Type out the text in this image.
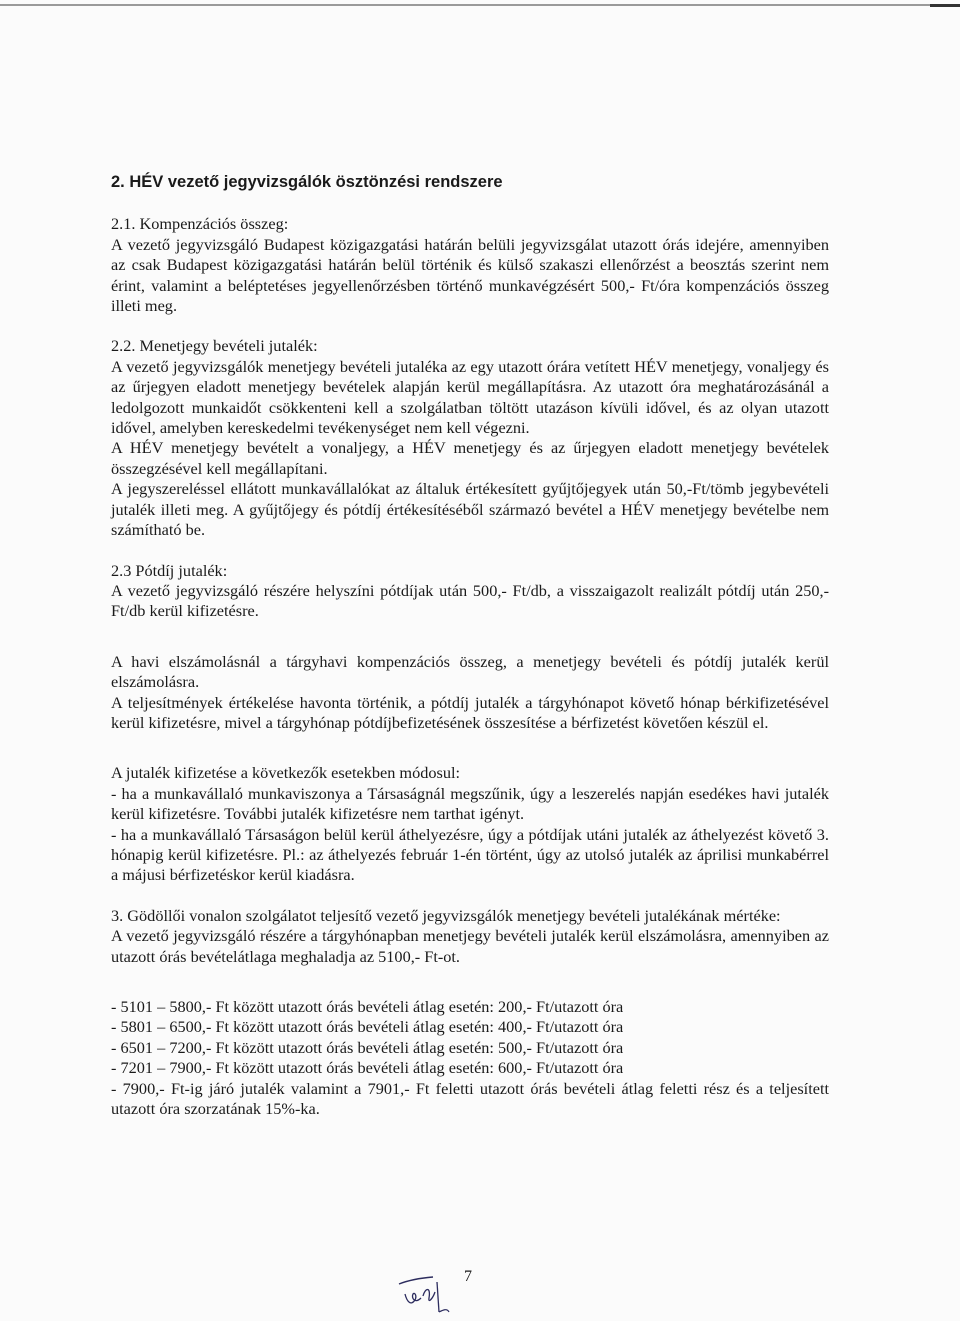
2. HÉV vezető jegyvizsgálók ösztönzési rendszere

2.1. Kompenzációs összeg:

A vezető jegyvizsgáló Budapest közigazgatási határán belüli jegyvizsgálat utazott órás idejére, amennyiben az csak Budapest közigazgatási határán belül történik és külső szakaszi ellenőrzést a beosztás szerint nem érint, valamint a beléptetéses jegyellenőrzésben történő munkavégzésért 500,- Ft/óra kompenzációs összeg illeti meg.

2.2. Menetjegy bevételi jutalék:

A vezető jegyvizsgálók menetjegy bevételi jutaléka az egy utazott órára vetített HÉV menetjegy, vonaljegy és az űrjegyen eladott menetjegy bevételek alapján kerül megállapításra. Az utazott óra meghatározásánál a ledolgozott munkaidőt csökkenteni kell a szolgálatban töltött utazáson kívüli idővel, és az olyan utazott idővel, amelyben kereskedelmi tevékenységet nem kell végezni.

A HÉV menetjegy bevételt a vonaljegy, a HÉV menetjegy és az űrjegyen eladott menetjegy bevételek összegzésével kell megállapítani.

A jegyszereléssel ellátott munkavállalókat az általuk értékesített gyűjtőjegyek után 50,-Ft/tömb jegybevételi jutalék illeti meg. A gyűjtőjegy és pótdíj értékesítéséből származó bevétel a HÉV menetjegy bevételbe nem számítható be.

2.3 Pótdíj jutalék:

A vezető jegyvizsgáló részére helyszíni pótdíjak után 500,- Ft/db, a visszaigazolt realizált pótdíj után 250,- Ft/db kerül kifizetésre.

A havi elszámolásnál a tárgyhavi kompenzációs összeg, a menetjegy bevételi és pótdíj jutalék kerül elszámolásra.

A teljesítmények értékelése havonta történik, a pótdíj jutalék a tárgyhónapot követő hónap bérkifizetésével kerül kifizetésre, mivel a tárgyhónap pótdíjbefizetésének összesítése a bérfizetést követően készül el.

A jutalék kifizetése a következők esetekben módosul:

- ha a munkavállaló munkaviszonya a Társaságnál megszűnik, úgy a leszerelés napján esedékes havi jutalék kerül kifizetésre. További jutalék kifizetésre nem tarthat igényt.

- ha a munkavállaló Társaságon belül kerül áthelyezésre, úgy a pótdíjak utáni jutalék az áthelyezést követő 3. hónapig kerül kifizetésre. Pl.: az áthelyezés február 1-én történt, úgy az utolsó jutalék az áprilisi munkabérrel a májusi bérfizetéskor kerül kiadásra.

3. Gödöllői vonalon szolgálatot teljesítő vezető jegyvizsgálók menetjegy bevételi jutalékának mértéke:

A vezető jegyvizsgáló részére a tárgyhónapban menetjegy bevételi jutalék kerül elszámolásra, amennyiben az utazott órás bevételátlaga meghaladja az 5100,- Ft-ot.

- 5101 – 5800,- Ft között utazott órás bevételi átlag esetén: 200,- Ft/utazott óra
- 5801 – 6500,- Ft között utazott órás bevételi átlag esetén: 400,- Ft/utazott óra
- 6501 – 7200,- Ft között utazott órás bevételi átlag esetén: 500,- Ft/utazott óra
- 7201 – 7900,- Ft között utazott órás bevételi átlag esetén: 600,- Ft/utazott óra

- 7900,- Ft-ig járó jutalék valamint a 7901,- Ft feletti utazott órás bevételi átlag feletti rész és a teljesített utazott óra szorzatának 15%-ka.

7
